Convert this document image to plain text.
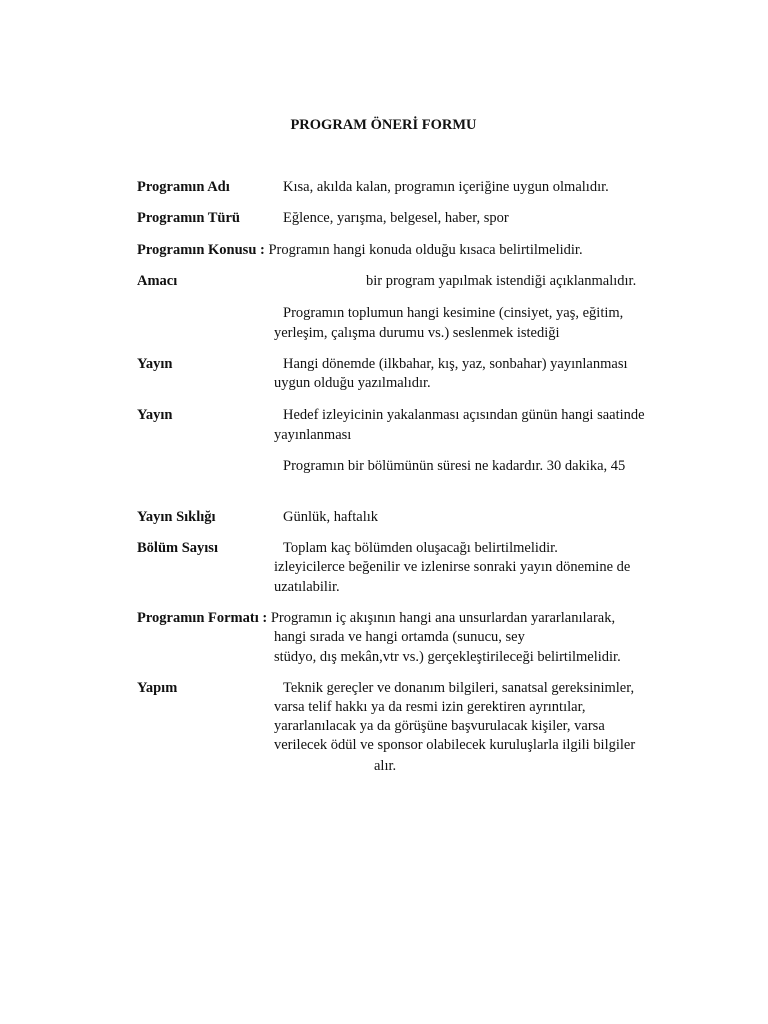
PROGRAM ÖNERİ FORMU
Programın Adı	Kısa, akılda kalan, programın içeriğine uygun olmalıdır.
Programın Türü	Eğlence, yarışma, belgesel, haber, spor
Programın Konusu : Programın hangi konuda olduğu kısaca belirtilmelidir.
Amacı	bir program yapılmak istendiği açıklanmalıdır.
Programın toplumun hangi kesimine (cinsiyet, yaş, eğitim,
yerleşim, çalışma durumu vs.) seslenmek istediği
Yayın	Hangi dönemde (ilkbahar, kış, yaz, sonbahar) yayınlanması
uygun olduğu yazılmalıdır.
Yayın	Hedef izleyicinin yakalanması açısından günün hangi saatinde
yayınlanması
Programın bir bölümünün süresi ne kadardır. 30 dakika, 45
Yayın Sıklığı	Günlük, haftalık
Bölüm Sayısı	Toplam kaç bölümden oluşacağı belirtilmelidir.
izleyicilerce beğenilir ve izlenirse sonraki yayın dönemine de
uzatılabilir.
Programın Formatı : Programın iç akışının hangi ana unsurlardan yararlanılarak,
hangi sırada ve hangi ortamda (sunucu, sey
stüdyo, dış mekân,vtr vs.) gerçekleştirileceği belirtilmelidir.
Yapım	Teknik gereçler ve donanım bilgileri, sanatsal gereksinimler,
varsa telif hakkı ya da resmi izin gerektiren ayrıntılar,
yararlanılacak ya da görüşüne başvurulacak kişiler, varsa
verilecek ödül ve sponsor olabilecek kuruluşlarla ilgili bilgiler
alır.
